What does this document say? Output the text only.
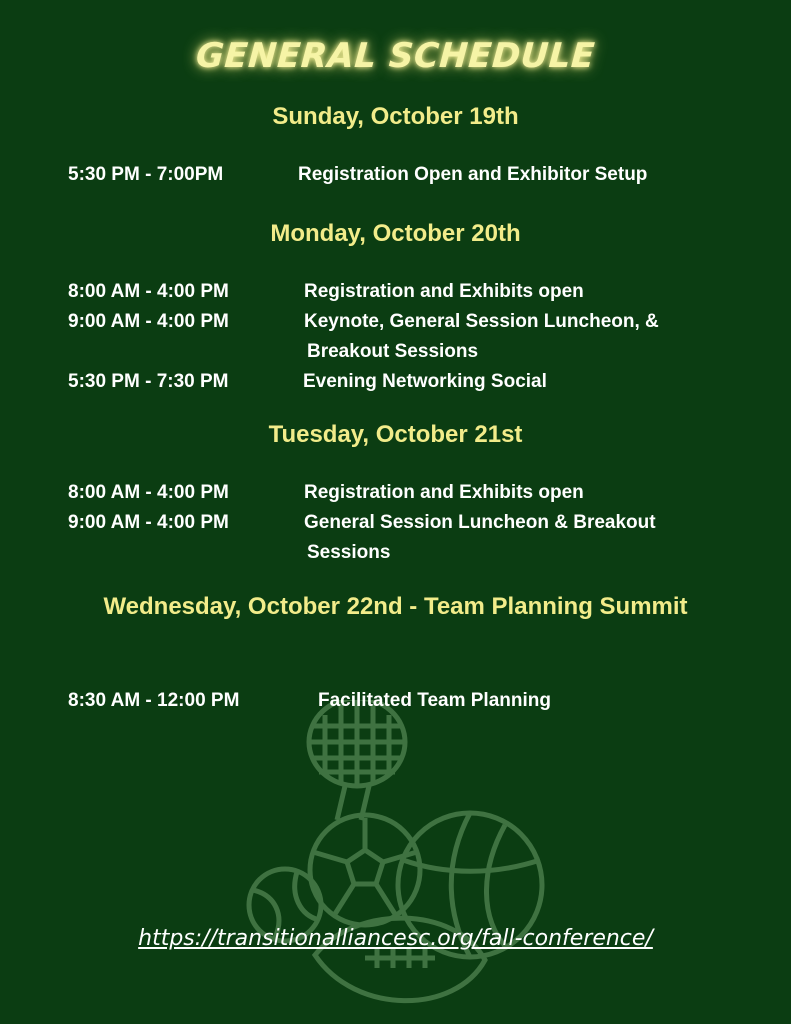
GENERAL SCHEDULE
Sunday, October 19th
5:30 PM - 7:00PM	Registration Open and Exhibitor Setup
Monday, October 20th
8:00 AM - 4:00 PM	Registration and Exhibits open
9:00 AM - 4:00 PM	Keynote, General Session Luncheon, &
Breakout Sessions
5:30 PM - 7:30 PM	Evening Networking Social
Tuesday, October 21st
8:00 AM - 4:00 PM	Registration and Exhibits open
9:00 AM - 4:00 PM	General Session Luncheon & Breakout
Sessions
Wednesday, October 22nd - Team Planning Summit
8:30 AM - 12:00 PM	Facilitated Team Planning
https://transitionalliancesc.org/fall-conference/
